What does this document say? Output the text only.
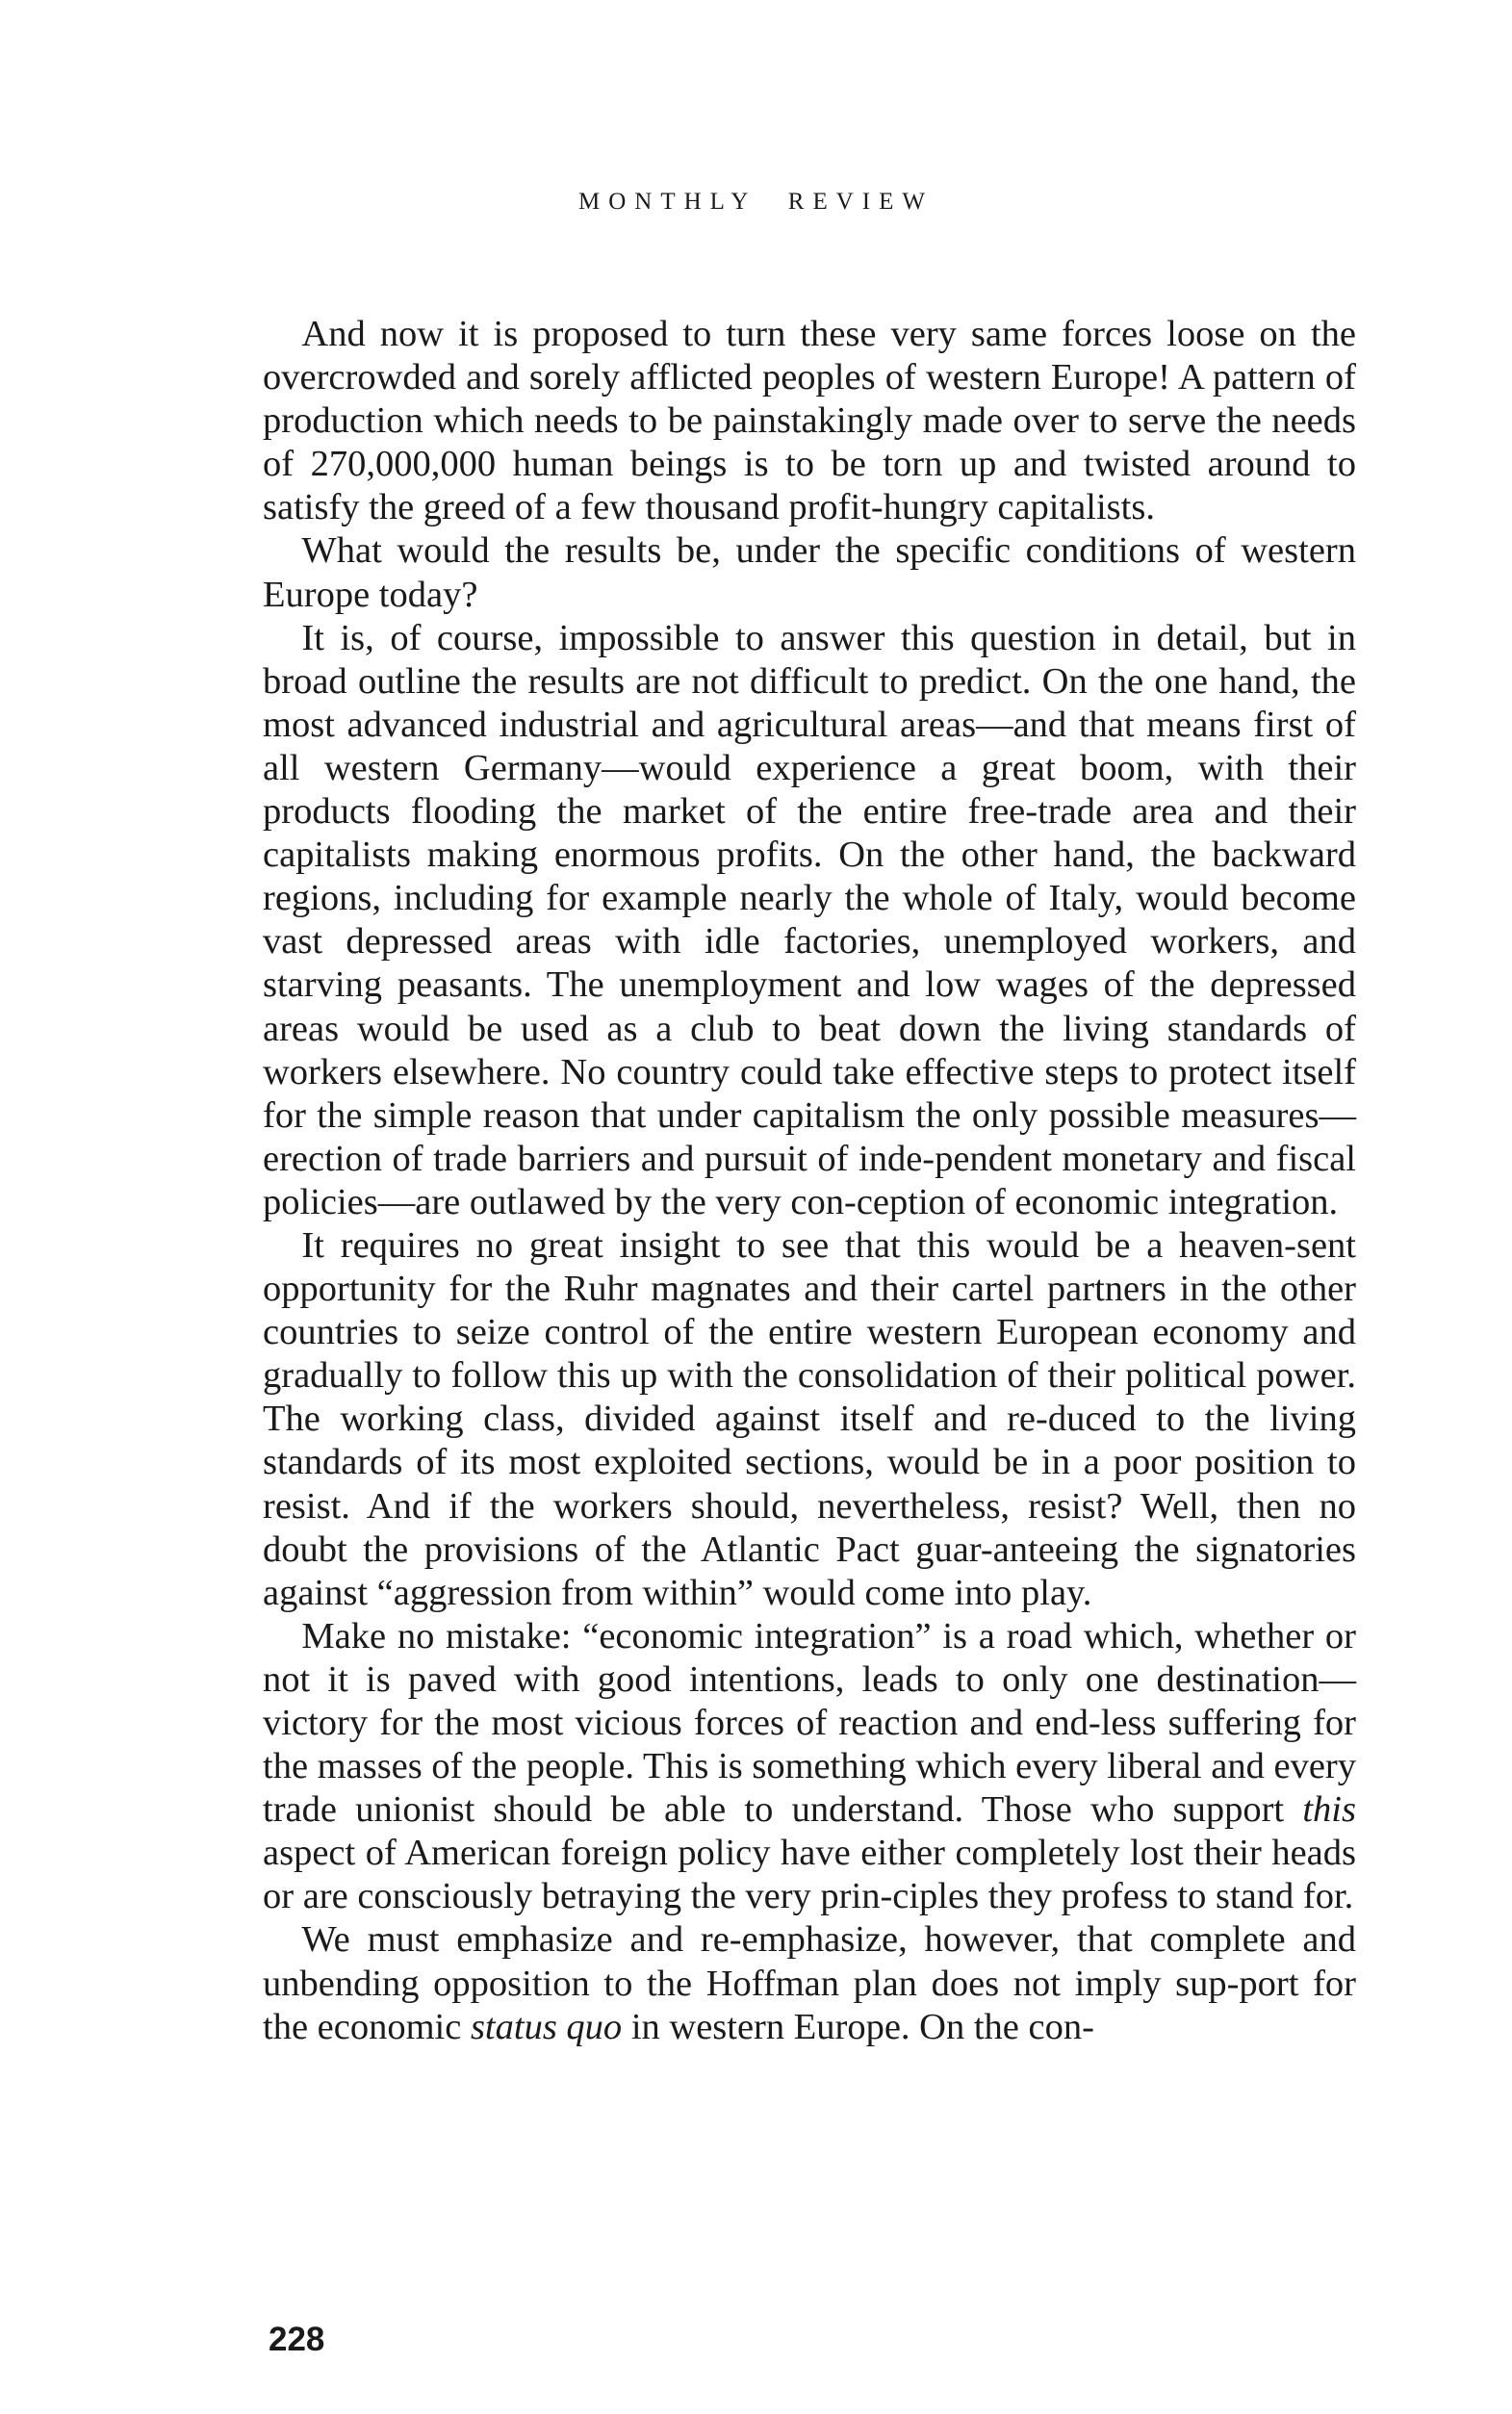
MONTHLY REVIEW

And now it is proposed to turn these very same forces loose on the overcrowded and sorely afflicted peoples of western Europe! A pattern of production which needs to be painstakingly made over to serve the needs of 270,000,000 human beings is to be torn up and twisted around to satisfy the greed of a few thousand profit-hungry capitalists.

What would the results be, under the specific conditions of western Europe today?

It is, of course, impossible to answer this question in detail, but in broad outline the results are not difficult to predict. On the one hand, the most advanced industrial and agricultural areas—and that means first of all western Germany—would experience a great boom, with their products flooding the market of the entire free-trade area and their capitalists making enormous profits. On the other hand, the backward regions, including for example nearly the whole of Italy, would become vast depressed areas with idle factories, unemployed workers, and starving peasants. The unemployment and low wages of the depressed areas would be used as a club to beat down the living standards of workers elsewhere. No country could take effective steps to protect itself for the simple reason that under capitalism the only possible measures—erection of trade barriers and pursuit of inde-pendent monetary and fiscal policies—are outlawed by the very con-ception of economic integration.

It requires no great insight to see that this would be a heaven-sent opportunity for the Ruhr magnates and their cartel partners in the other countries to seize control of the entire western European economy and gradually to follow this up with the consolidation of their political power. The working class, divided against itself and re-duced to the living standards of its most exploited sections, would be in a poor position to resist. And if the workers should, nevertheless, resist? Well, then no doubt the provisions of the Atlantic Pact guar-anteeing the signatories against “aggression from within” would come into play.

Make no mistake: “economic integration” is a road which, whether or not it is paved with good intentions, leads to only one destination—victory for the most vicious forces of reaction and end-less suffering for the masses of the people. This is something which every liberal and every trade unionist should be able to understand. Those who support this aspect of American foreign policy have either completely lost their heads or are consciously betraying the very prin-ciples they profess to stand for.

We must emphasize and re-emphasize, however, that complete and unbending opposition to the Hoffman plan does not imply sup-port for the economic status quo in western Europe. On the con-

228
